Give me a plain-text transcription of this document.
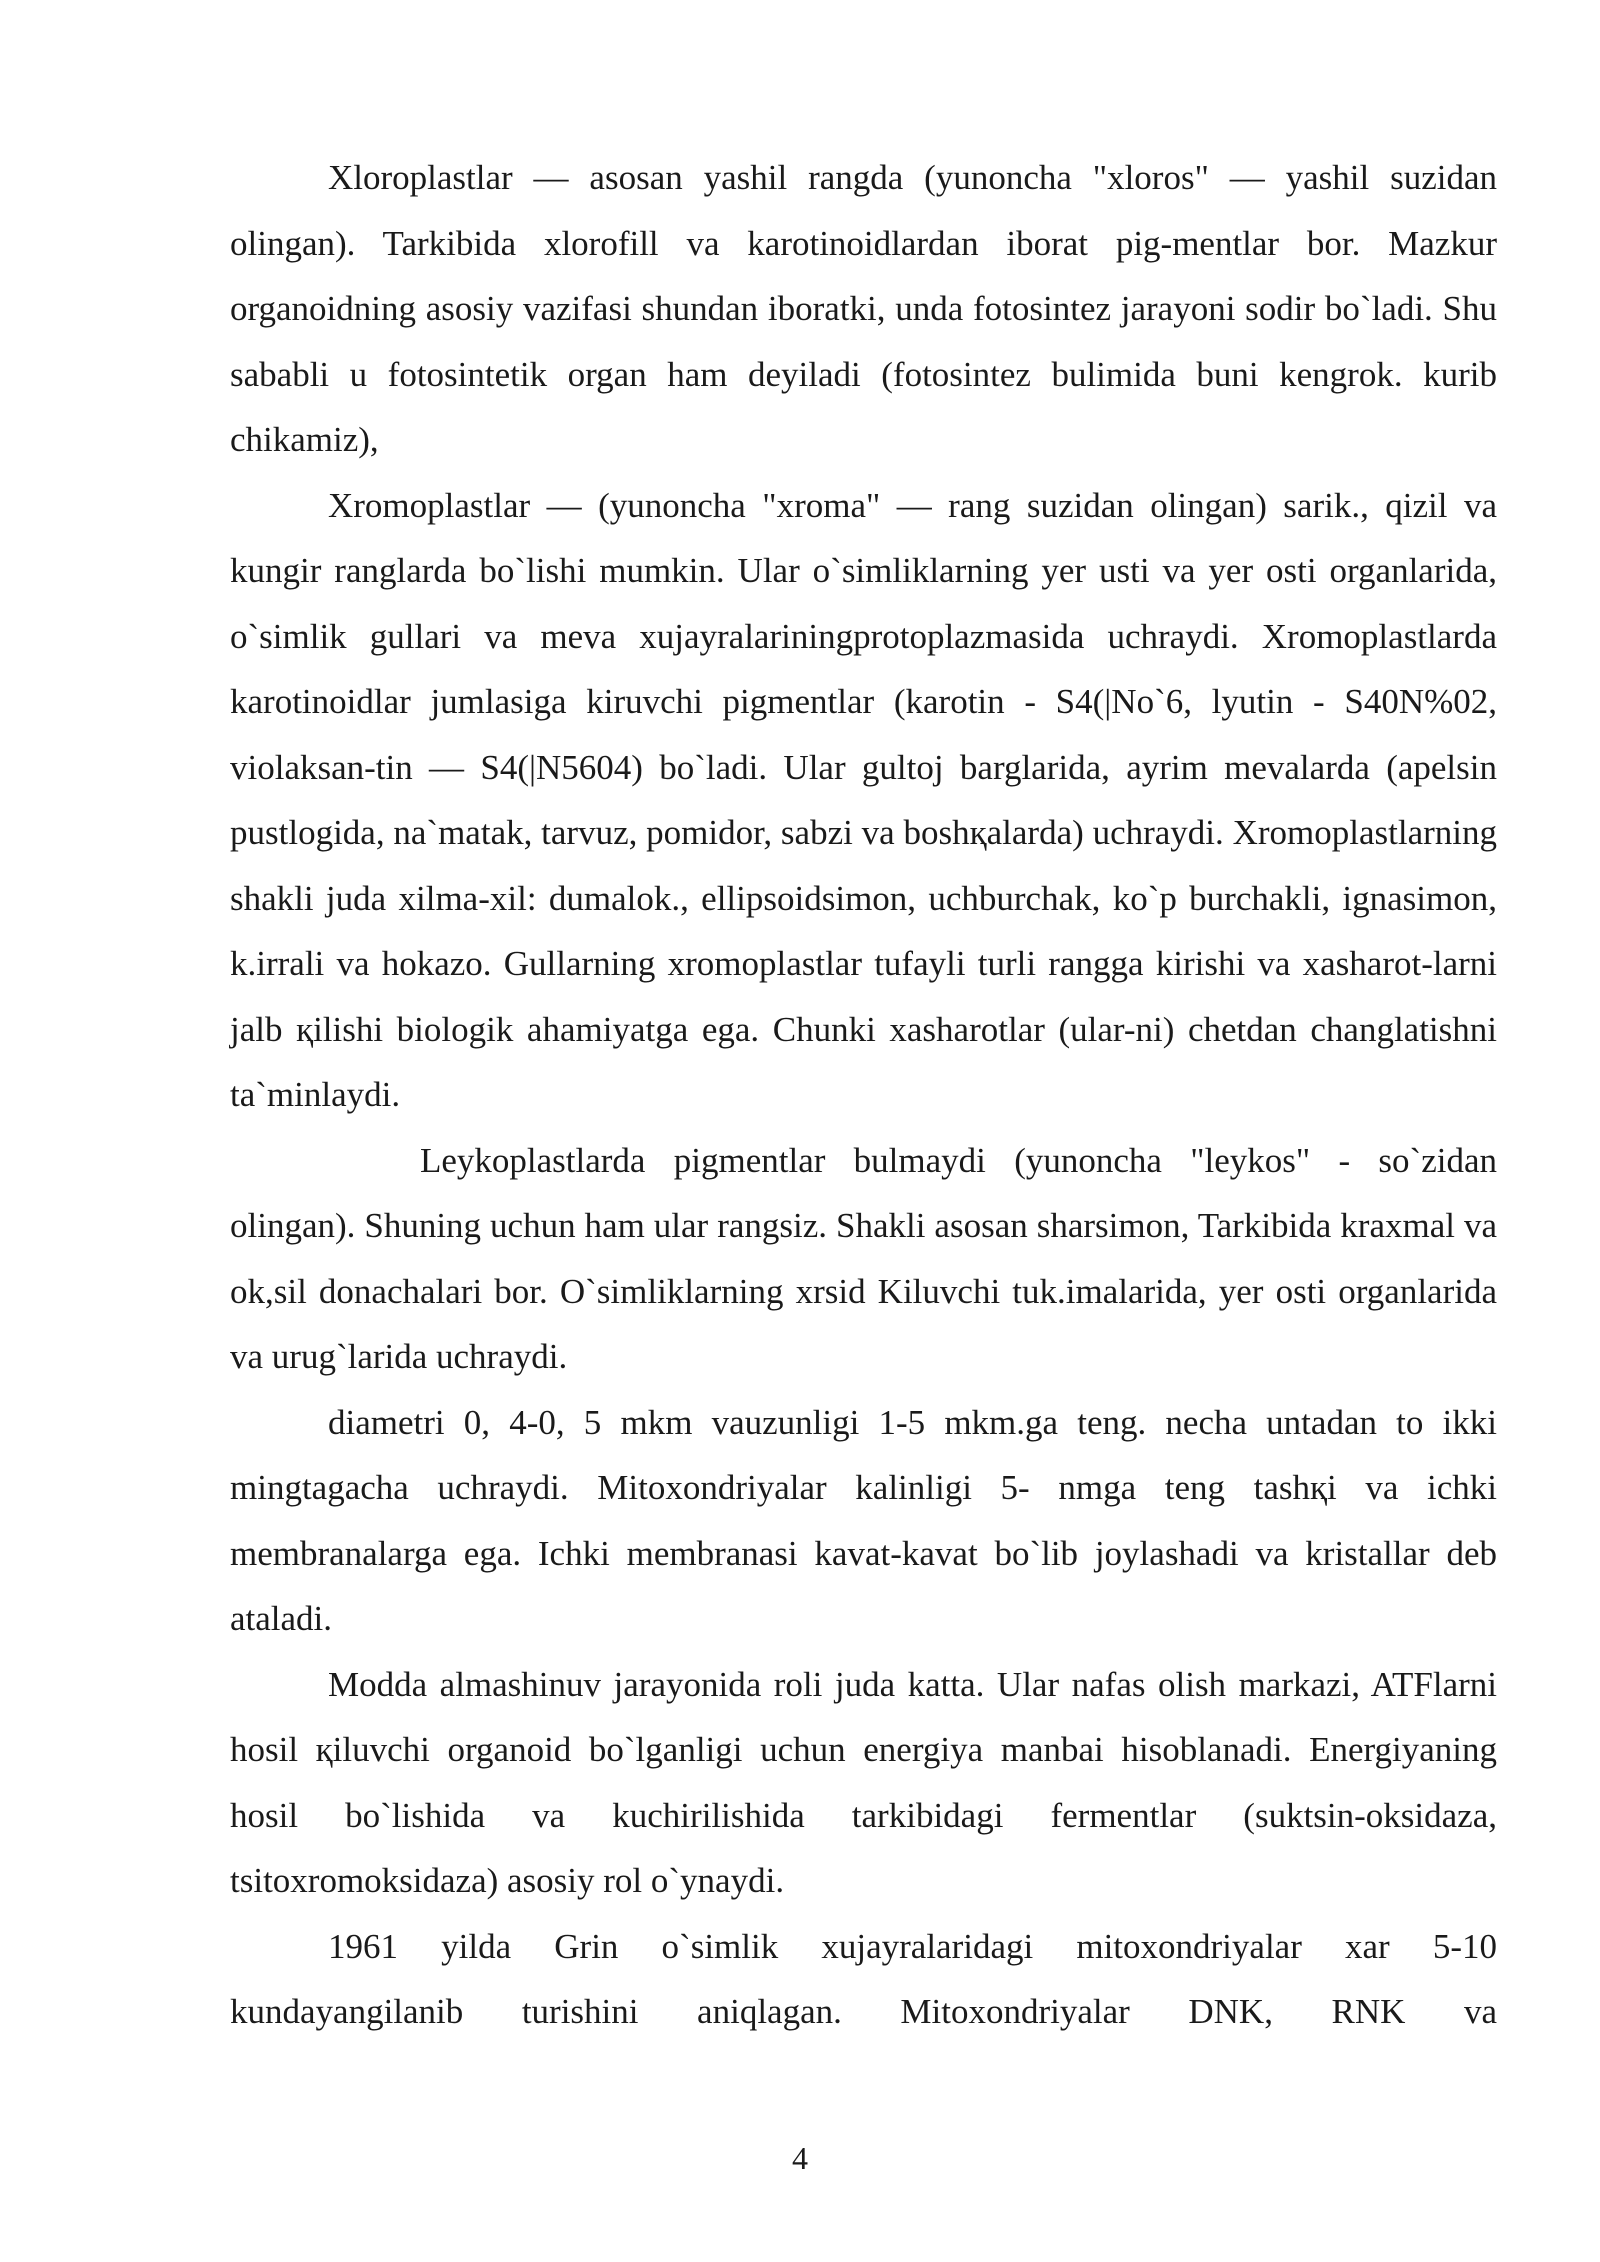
Xloroplastlar — asosan yashil rangda (yunoncha "xloros" — yashil suzidan olingan). Tarkibida xlorofill va karotinoidlardan iborat pig-mentlar bor. Mazkur organoidning asosiy vazifasi shundan iboratki, unda fotosintez jarayoni sodir bo`ladi. Shu sababli u fotosintetik organ ham deyiladi (fotosintez bulimida buni kengrok. kurib chikamiz),

Xromoplastlar — (yunoncha "xroma" — rang suzidan olingan) sarik., qizil va kungir ranglarda bo`lishi mumkin. Ular o`simliklarning yer usti va yer osti organlarida, o`simlik gullari va meva xujayralariningprotoplazmasida uchraydi. Xromoplastlarda karotinoidlar jumlasiga kiruvchi pigmentlar (karotin - S4(|No`6, lyutin - S40N%02, violaksan-tin — S4(|N5604) bo`ladi. Ular gultoj barglarida, ayrim mevalarda (apelsin pustlogida, na`matak, tarvuz, pomidor, sabzi va boshқalarda) uchraydi. Xromoplastlarning shakli juda xilma-xil: dumalok., ellipsoidsimon, uchburchak, ko`p burchakli, ignasimon, k.irrali va hokazo. Gullarning xromoplastlar tufayli turli rangga kirishi va xasharot-larni jalb қilishi biologik ahamiyatga ega. Chunki xasharotlar (ular-ni) chetdan changlatishni ta`minlaydi.

Leykoplastlarda pigmentlar bulmaydi (yunoncha "leykos" - so`zidan olingan). Shuning uchun ham ular rangsiz. Shakli asosan sharsimon, Tarkibida kraxmal va ok,sil donachalari bor. O`simliklarning xrsid Kiluvchi tuk.imalarida, yer osti organlarida va urug`larida uchraydi.

diametri 0, 4-0, 5 mkm vauzunligi 1-5 mkm.ga teng. necha untadan to ikki mingtagacha uchraydi. Mitoxondriyalar kalinligi 5- nmga teng tashқi va ichki membranalarga ega. Ichki membranasi kavat-kavat bo`lib joylashadi va kristallar deb ataladi.

Modda almashinuv jarayonida roli juda katta. Ular nafas olish markazi, ATFlarni hosil қiluvchi organoid bo`lganligi uchun energiya manbai hisoblanadi. Energiyaning hosil bo`lishida va kuchirilishida tarkibidagi fermentlar (suktsin-oksidaza, tsitoxromoksidaza) asosiy rol o`ynaydi.

1961 yilda Grin o`simlik xujayralaridagi mitoxondriyalar xar 5-10 kundayangilanib turishini aniqlagan. Mitoxondriyalar DNK, RNK va

4
